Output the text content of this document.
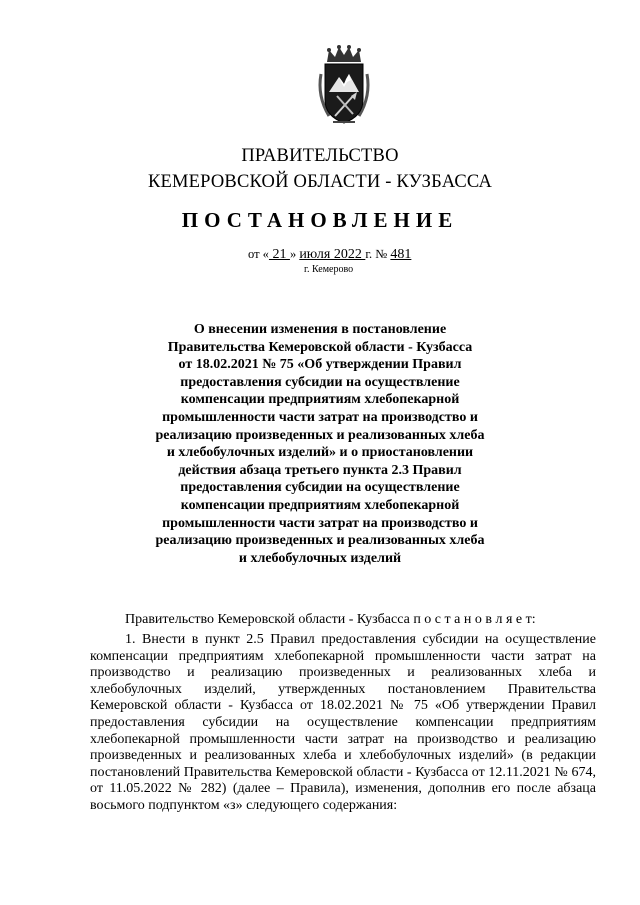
ПРАВИТЕЛЬСТВО
КЕМЕРОВСКОЙ ОБЛАСТИ - КУЗБАССА
ПОСТАНОВЛЕНИЕ
от « 21 » июля 2022 г. № 481
г. Кемерово
О внесении изменения в постановление
Правительства Кемеровской области - Кузбасса
от 18.02.2021 № 75 «Об утверждении Правил
предоставления субсидии на осуществление
компенсации предприятиям хлебопекарной
промышленности части затрат на производство и
реализацию произведенных и реализованных хлеба
и хлебобулочных изделий» и о приостановлении
действия абзаца третьего пункта 2.3 Правил
предоставления субсидии на осуществление
компенсации предприятиям хлебопекарной
промышленности части затрат на производство и
реализацию произведенных и реализованных хлеба
и хлебобулочных изделий
Правительство Кемеровской области - Кузбасса п о с т а н о в л я е т:
1. Внести в пункт 2.5 Правил предоставления субсидии на осуществление компенсации предприятиям хлебопекарной промышленности части затрат на производство и реализацию произведенных и реализованных хлеба и хлебобулочных изделий, утвержденных постановлением Правительства Кемеровской области - Кузбасса от 18.02.2021 № 75 «Об утверждении Правил предоставления субсидии на осуществление компенсации предприятиям хлебопекарной промышленности части затрат на производство и реализацию произведенных и реализованных хлеба и хлебобулочных изделий» (в редакции постановлений Правительства Кемеровской области - Кузбасса от 12.11.2021 № 674, от 11.05.2022 № 282) (далее – Правила), изменения, дополнив его после абзаца восьмого подпунктом «з» следующего содержания:
